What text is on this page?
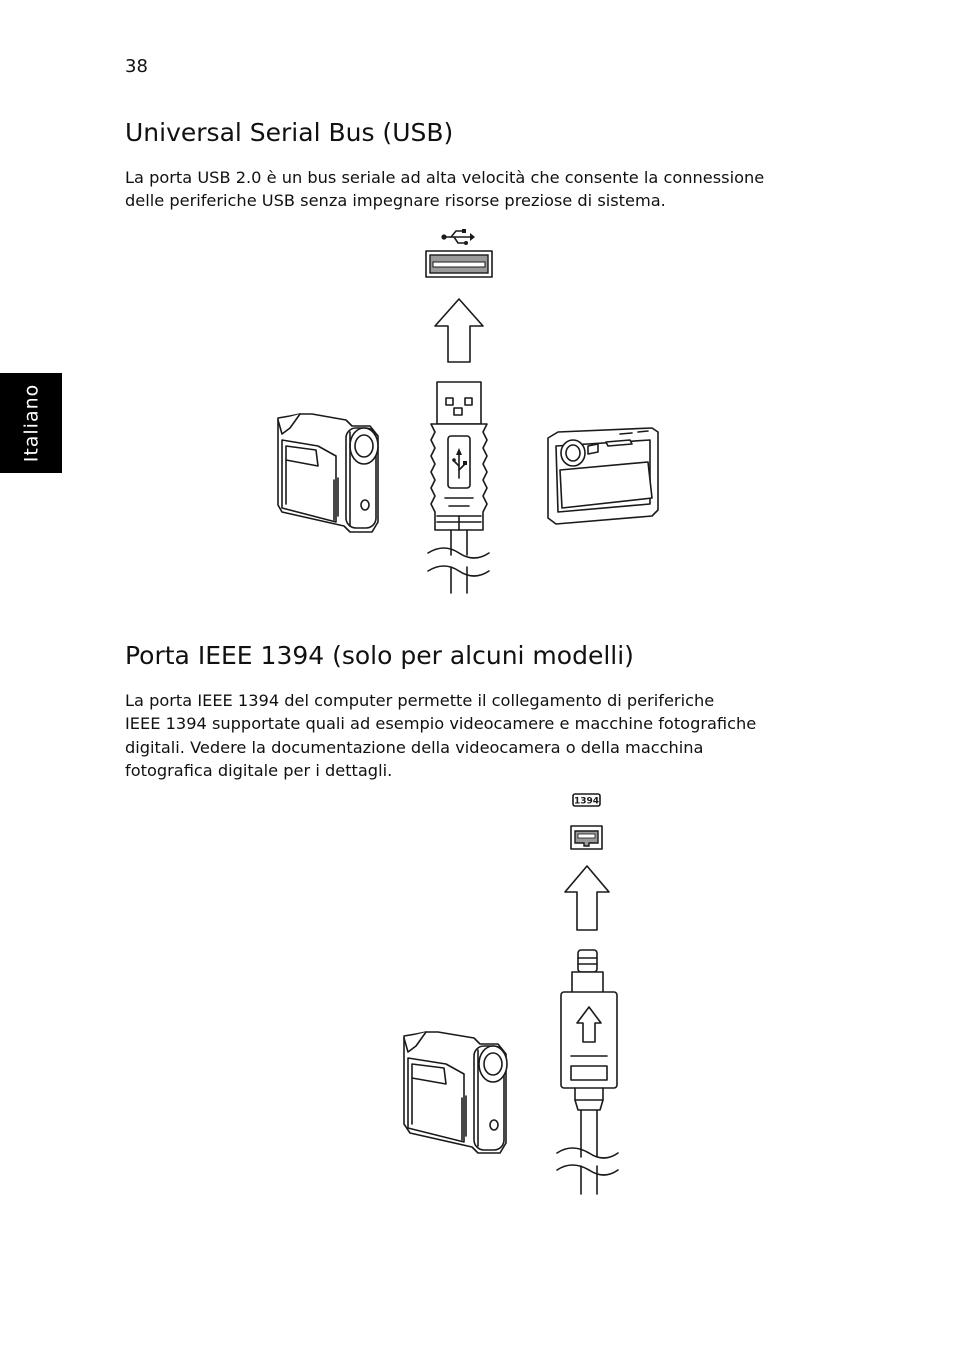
38
Italiano
Universal Serial Bus (USB)

La porta USB 2.0 è un bus seriale ad alta velocità che consente la connessione
delle periferiche USB senza impegnare risorse preziose di sistema.

Porta IEEE 1394 (solo per alcuni modelli)

La porta IEEE 1394 del computer permette il collegamento di periferiche
IEEE 1394 supportate quali ad esempio videocamere e macchine fotografiche
digitali. Vedere la documentazione della videocamera o della macchina
fotografica digitale per i dettagli.

1394
